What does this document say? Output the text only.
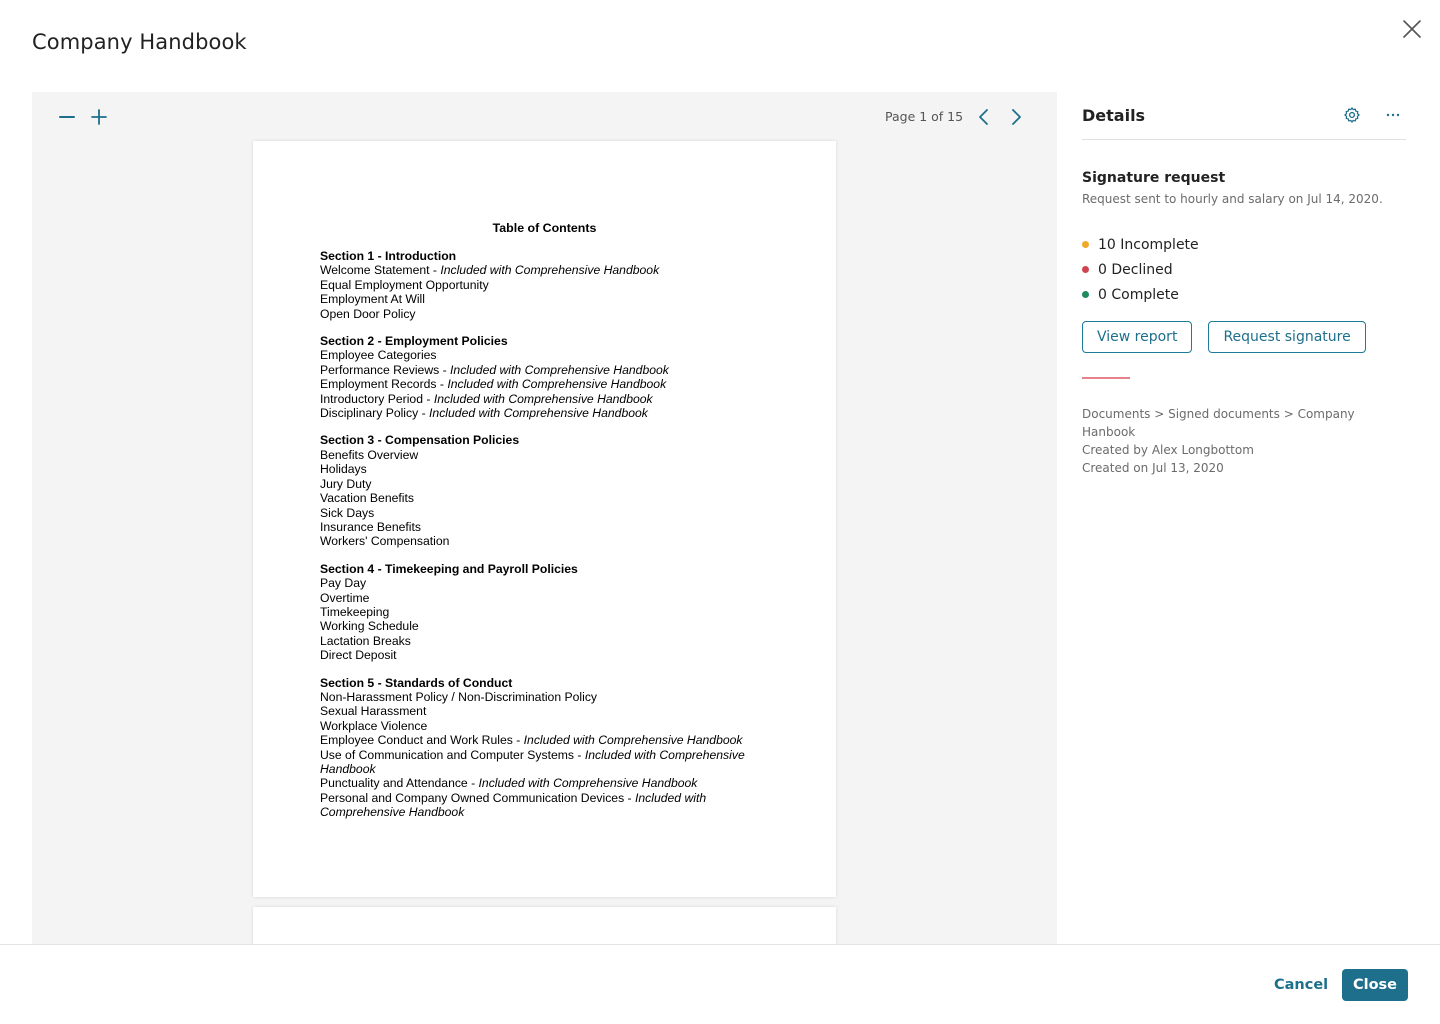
Company Handbook
Page 1 of 15
Table of Contents
Section 1 - Introduction
Welcome Statement - Included with Comprehensive Handbook
Equal Employment Opportunity
Employment At Will
Open Door Policy
Section 2 - Employment Policies
Employee Categories
Performance Reviews - Included with Comprehensive Handbook
Employment Records - Included with Comprehensive Handbook
Introductory Period - Included with Comprehensive Handbook
Disciplinary Policy - Included with Comprehensive Handbook
Section 3 - Compensation Policies
Benefits Overview
Holidays
Jury Duty
Vacation Benefits
Sick Days
Insurance Benefits
Workers' Compensation
Section 4 - Timekeeping and Payroll Policies
Pay Day
Overtime
Timekeeping
Working Schedule
Lactation Breaks
Direct Deposit
Section 5 - Standards of Conduct
Non-Harassment Policy / Non-Discrimination Policy
Sexual Harassment
Workplace Violence
Employee Conduct and Work Rules - Included with Comprehensive Handbook
Use of Communication and Computer Systems - Included with Comprehensive Handbook
Punctuality and Attendance - Included with Comprehensive Handbook
Personal and Company Owned Communication Devices - Included with Comprehensive Handbook
Details
Signature request
Request sent to hourly and salary on Jul 14, 2020.
10 Incomplete
0 Declined
0 Complete
View report	Request signature
Documents > Signed documents > Company Hanbook
Created by Alex Longbottom
Created on Jul 13, 2020
Cancel	Close
